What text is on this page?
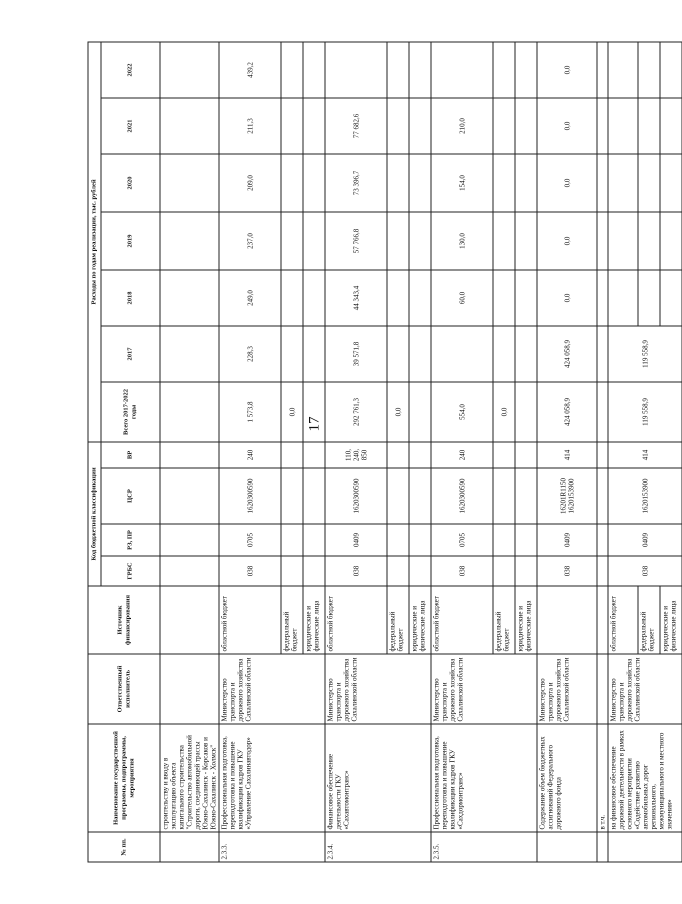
17
№ пп.	Наименование государственной программы, подпрограммы, мероприятия	Ответственный исполнитель	Источник финансирования	Код бюджетной классификации				Расходы по годам реализации, тыс. рублей						
				ГРБС	РЗ, ПР	ЦСР	ВР	Всего 2017-2022 годы	2017	2018	2019	2020	2021	2022
	строительству и вводу в эксплуатацию объекта капитального строительства "Строительство автомобильной дороги, соединяющей трассы Южно-Сахалинск - Корсаков и Южно-Сахалинск - Холмск"													
2.3.3.	Профессиональная подготовка, переподготовка и повышение квалификации кадров ГКУ «Управление Сахалинавтодор»	Министерство транспорта и дорожного хозяйства Сахалинской области	областной бюджет	038	0705	1620300590	240	1 573,8	228,3	249,0	237,0	209,0	211,3	439,2
			федеральный бюджет					0,0						
			юридические и физические лица											
2.3.4.	Финансовое обеспечение деятельности ГКУ «Сахавтомонтранс»	Министерство транспорта и дорожного хозяйства Сахалинской области	областной бюджет	038	0409	1620300590	110, 240, 850	292 761,3	39 571,8	44 343,4	57 766,8	73 396,7	77 682,6	
			федеральный бюджет					0,0						
			юридические и физические лица											
2.3.5.	Профессиональная подготовка, переподготовка и повышение квалификации кадров ГКУ «Сахдормонтранс»	Министерство транспорта и дорожного хозяйства Сахалинской области	областной бюджет	038	0705	1620300590	240	554,0		60,0	130,0	154,0	210,0	
			федеральный бюджет					0,0						
			юридические и физические лица											
	Содержание объем бюджетных ассигнований Федерального дорожного фонда	Министерство транспорта и дорожного хозяйства Сахалинской области		038	0409	16201R1150 1620153900	414	424 058,9	424 058,9	0,0	0,0	0,0	0,0	0,0
	в т.ч.													
	на финансовое обеспечение дорожной деятельности в рамках основного мероприятия «Содействие развитию автомобильных дорог регионального, межмуниципального и местного значения»	Министерство транспорта и дорожного хозяйства Сахалинской области	областной бюджет	038	0409	1620153900	414	119 558,9	119 558,9					
			федеральный бюджет											
			юридические и физические лица											
